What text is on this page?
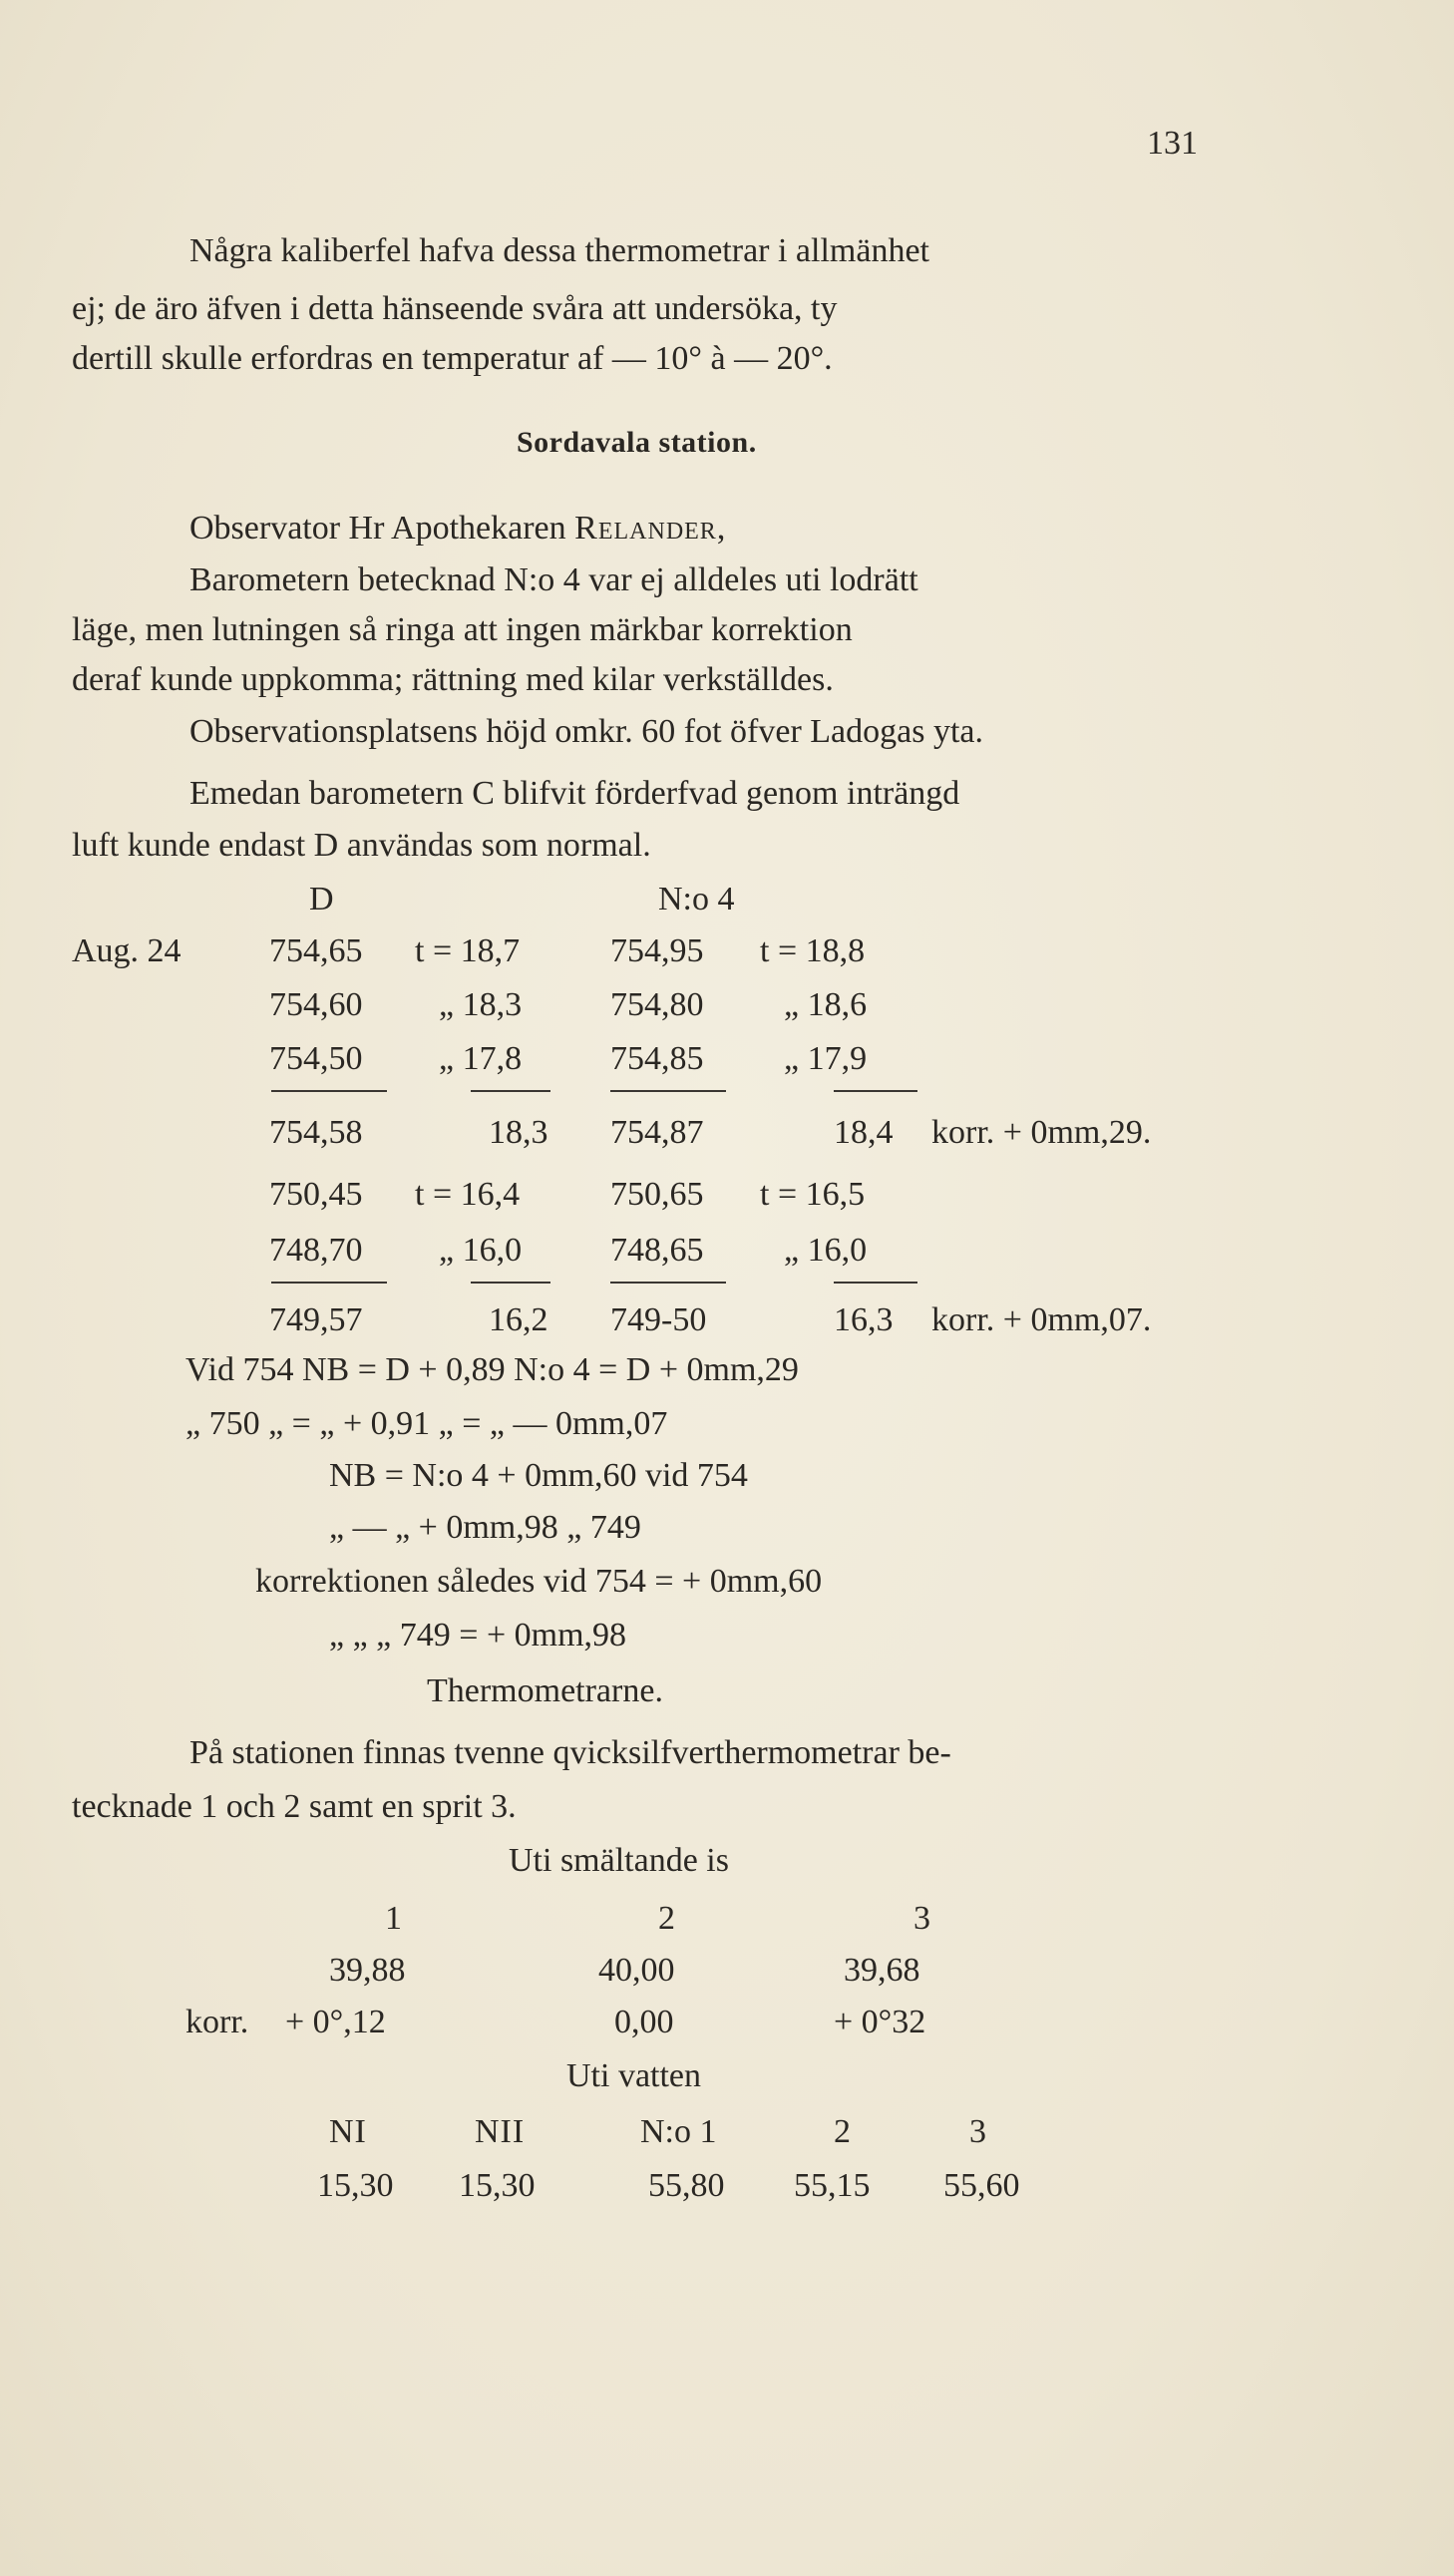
131
Några kaliberfel hafva dessa thermometrar i allmänhet
ej; de äro äfven i detta hänseende svåra att undersöka, ty
dertill skulle erfordras en temperatur af — 10° à — 20°.
Sordavala station.
Observator Hr Apothekaren Relander,
Barometern betecknad N:o 4 var ej alldeles uti lodrätt
läge, men lutningen så ringa att ingen märkbar korrektion
deraf kunde uppkomma; rättning med kilar verkställdes.
Observationsplatsens höjd omkr. 60 fot öfver Ladogas yta.
Emedan barometern C blifvit förderfvad genom inträngd
luft kunde endast D användas som normal.
D	N:o 4
Aug. 24	754,65 t = 18,7	754,95 t = 18,8
754,60 „ 18,3	754,80 „ 18,6
754,50 „ 17,8	754,85 „ 17,9
754,58	18,3 754,87	18,4 korr. + 0mm,29.
750,45 t = 16,4	750,65 t = 16,5
748,70 „ 16,0	748,65 „ 16,0
749,57	16,2 749-50	16,3 korr. + 0mm,07.
Vid 754 NB = D + 0,89 N:o 4 = D + 0mm,29
„ 750 „ = „ + 0,91 „ = „ — 0mm,07
NB = N:o 4 + 0mm,60 vid 754
„ — „ + 0mm,98 „ 749
korrektionen således vid 754 = + 0mm,60
„ „ „ 749 = + 0mm,98
Thermometrarne.
På stationen finnas tvenne qvicksilfverthermometrar be-
tecknade 1 och 2 samt en sprit 3.
Uti smältande is
1	2	3
39,88	40,00	39,68
korr. + 0°,12	0,00	+ 0°32
Uti vatten
NI	NII	N:o 1	2	3
15,30 15,30	55,80 55,15 55,60
